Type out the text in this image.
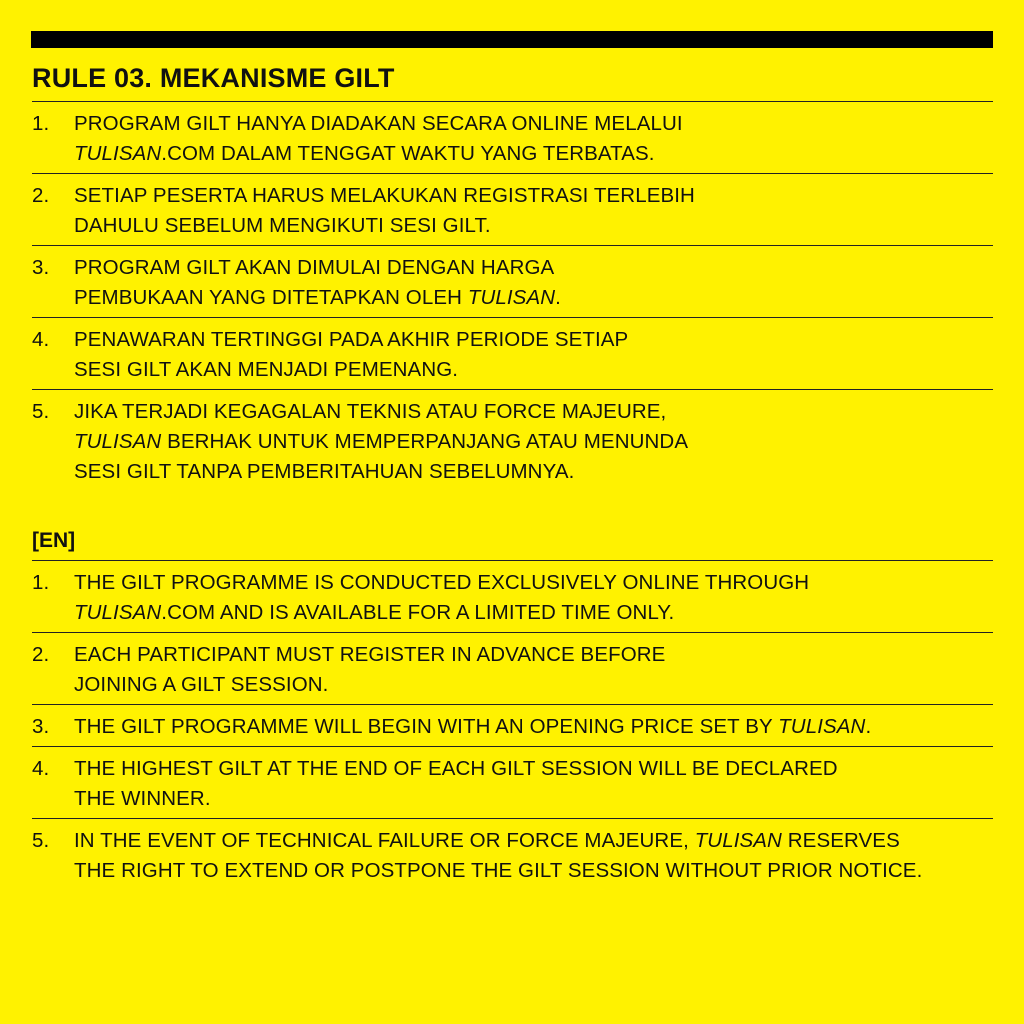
RULE 03. MEKANISME GILT
1.	PROGRAM GILT HANYA DIADAKAN SECARA ONLINE MELALUI
TULISAN.COM DALAM TENGGAT WAKTU YANG TERBATAS.
2.	SETIAP PESERTA HARUS MELAKUKAN REGISTRASI TERLEBIH
DAHULU SEBELUM MENGIKUTI SESI GILT.
3.	PROGRAM GILT AKAN DIMULAI DENGAN HARGA
PEMBUKAAN YANG DITETAPKAN OLEH TULISAN.
4.	PENAWARAN TERTINGGI PADA AKHIR PERIODE SETIAP
SESI GILT AKAN MENJADI PEMENANG.
5.	JIKA TERJADI KEGAGALAN TEKNIS ATAU FORCE MAJEURE,
TULISAN BERHAK UNTUK MEMPERPANJANG ATAU MENUNDA
SESI GILT TANPA PEMBERITAHUAN SEBELUMNYA.
[EN]
1.	THE GILT PROGRAMME IS CONDUCTED EXCLUSIVELY ONLINE THROUGH
TULISAN.COM AND IS AVAILABLE FOR A LIMITED TIME ONLY.
2.	EACH PARTICIPANT MUST REGISTER IN ADVANCE BEFORE
JOINING A GILT SESSION.
3.	THE GILT PROGRAMME WILL BEGIN WITH AN OPENING PRICE SET BY TULISAN.
4.	THE HIGHEST GILT AT THE END OF EACH GILT SESSION WILL BE DECLARED
THE WINNER.
5.	IN THE EVENT OF TECHNICAL FAILURE OR FORCE MAJEURE, TULISAN RESERVES
THE RIGHT TO EXTEND OR POSTPONE THE GILT SESSION WITHOUT PRIOR NOTICE.
